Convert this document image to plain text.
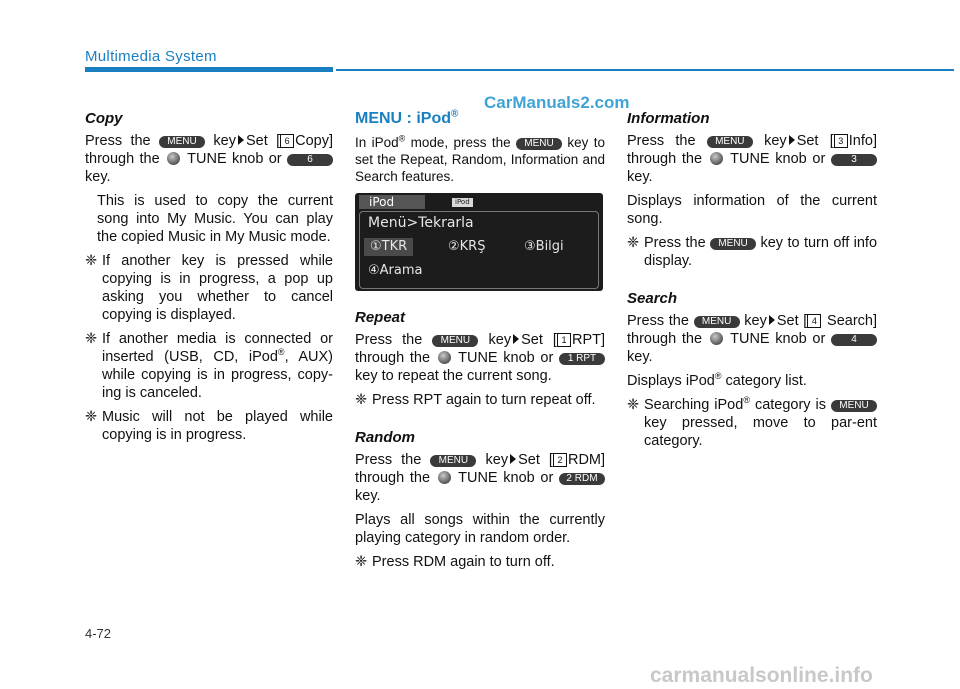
Multimedia System
CarManuals2.com
carmanualsonline.info
4-72
Copy

Press the MENU key Set [ 6 Copy] through the TUNE knob or	6 key.

This is used to copy the current song into My Music. You can play the copied Music in My Music mode.

❈ If another key is pressed while copying is in progress, a pop up asking you whether to cancel copying is displayed.
❈ If another media is connected or inserted (USB, CD, iPod®, AUX) while copying is in progress, copy-ing is canceled.
❈ Music will not be played while copying is in progress.
MENU : iPod®

In iPod® mode, press the MENU key to set the Repeat, Random, Information and Search features.

iPod	iPod
Menü>Tekrarla
①TKR	②KRŞ	③Bilgi
④Arama
Repeat

Press the MENU key Set [ 1 RPT] through the TUNE knob or 1 RPT key to repeat the current song.

❈ Press RPT again to turn repeat off.
Random

Press the MENU key Set [ 2 RDM] through the TUNE knob or 2 RDM key.

Plays all songs within the currently playing category in random order.

❈ Press RDM again to turn off.
Information

Press the MENU key Set [ 3 Info] through the TUNE knob or	3 key.

Displays information of the current song.

❈ Press the MENU key to turn off info display.
Search

Press the MENU key Set [ 4 Search] through the TUNE knob or	4 key.

Displays iPod® category list.

❈ Searching iPod® category is MENU key pressed, move to par-ent category.
